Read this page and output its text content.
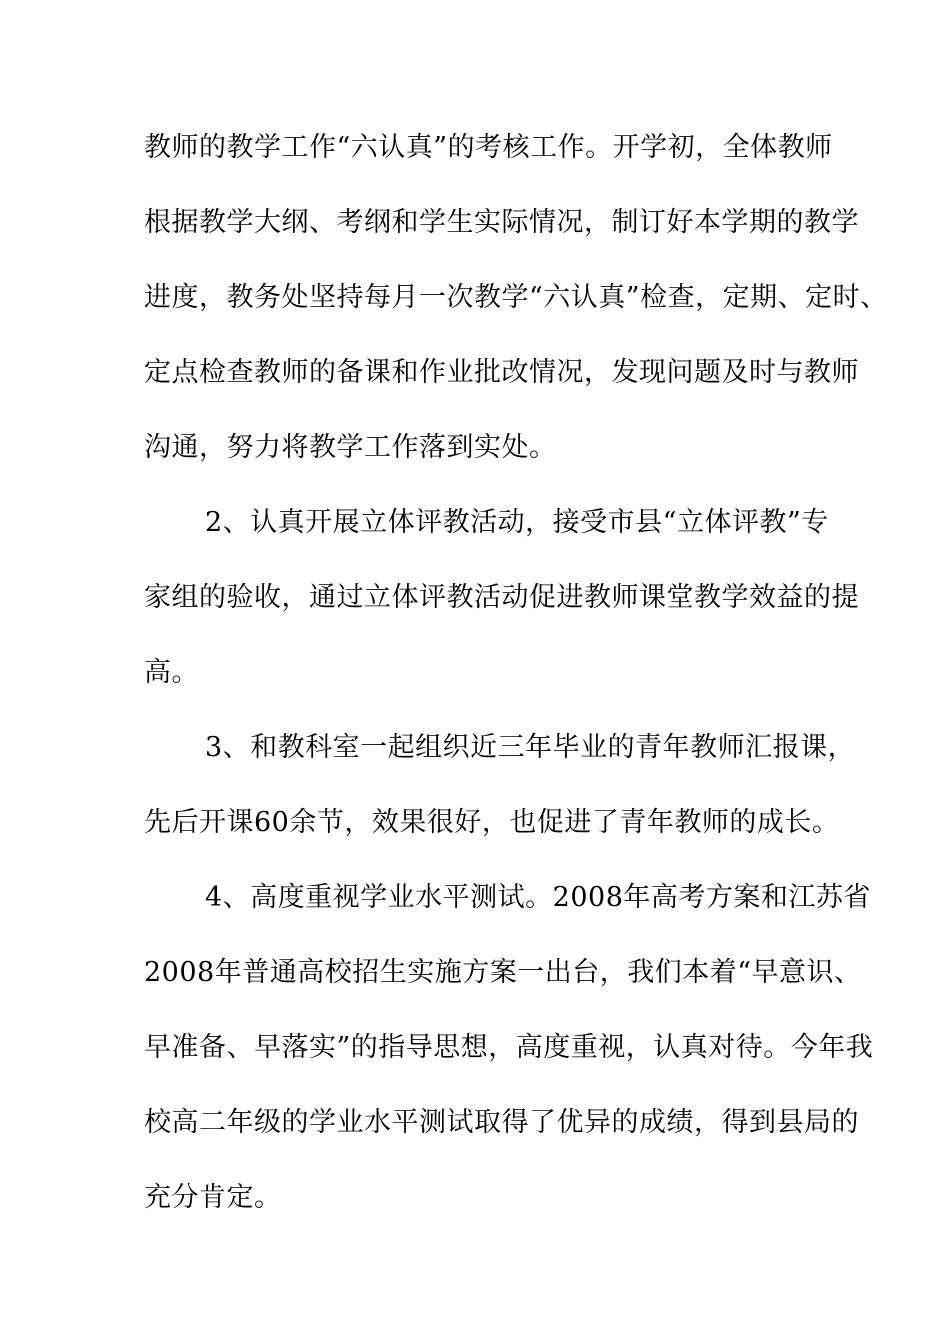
教师的教学工作“六认真”的考核工作。开学初，全体教师
根据教学大纲、考纲和学生实际情况，制订好本学期的教学
进度，教务处坚持每月一次教学“六认真”检查，定期、定时、
定点检查教师的备课和作业批改情况，发现问题及时与教师
沟通，努力将教学工作落到实处。
2、认真开展立体评教活动，接受市县“立体评教”专
家组的验收，通过立体评教活动促进教师课堂教学效益的提
高。
3、和教科室一起组织近三年毕业的青年教师汇报课，
先后开课60余节，效果很好，也促进了青年教师的成长。
4、高度重视学业水平测试。2008年高考方案和江苏省
2008年普通高校招生实施方案一出台，我们本着“早意识、
早准备、早落实”的指导思想，高度重视，认真对待。今年我
校高二年级的学业水平测试取得了优异的成绩，得到县局的
充分肯定。
